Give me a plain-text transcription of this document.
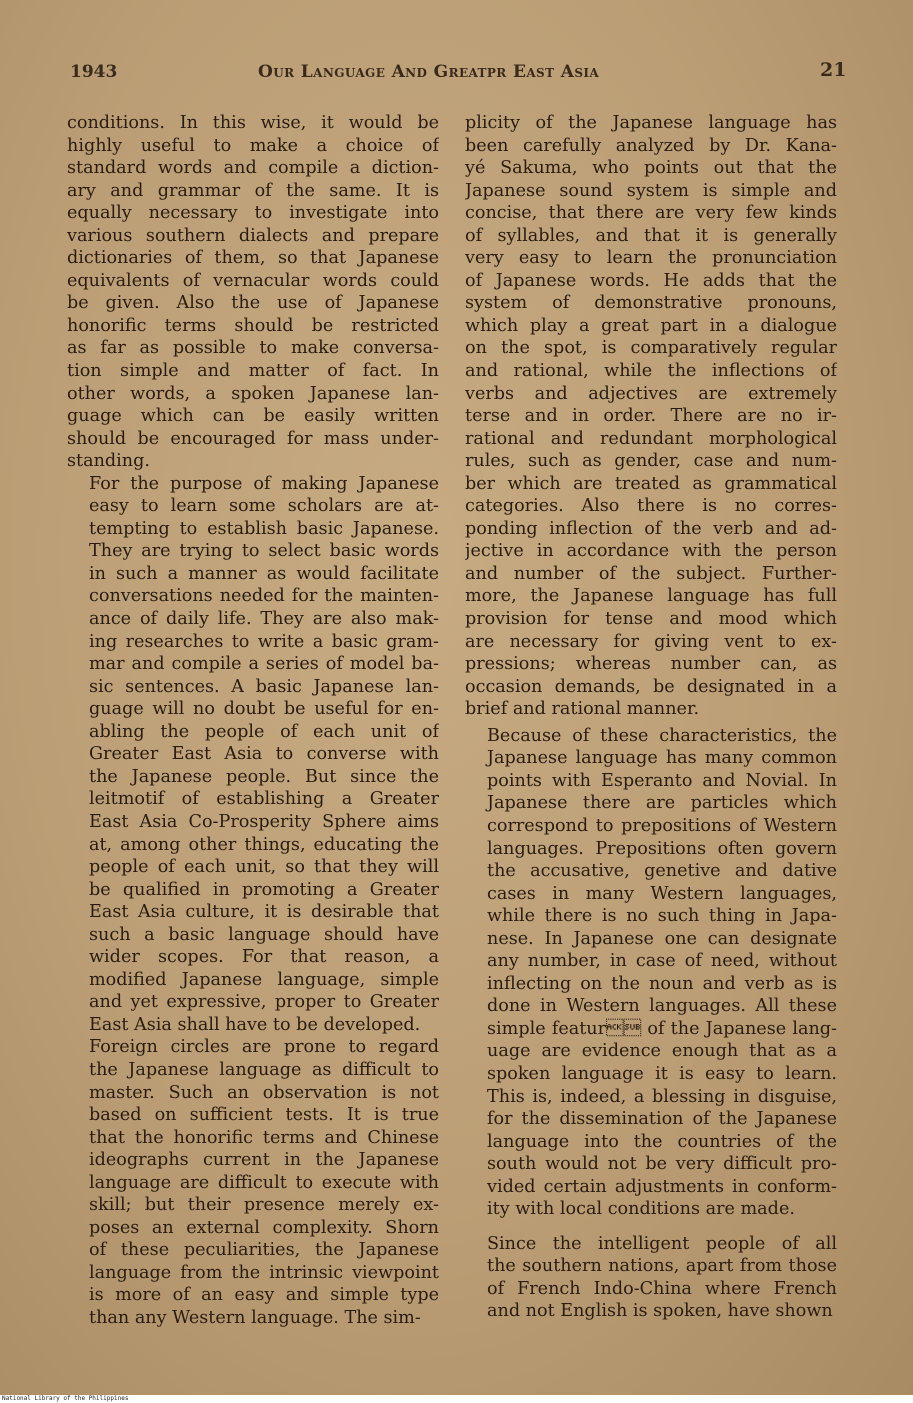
1943	Our Language And Greatpr East Asia	21

conditions. In this wise, it would be
highly useful to make a choice of
standard words and compile a diction-
ary and grammar of the same. It is
equally necessary to investigate into
various southern dialects and prepare
dictionaries of them, so that Japanese
equivalents of vernacular words could
be given. Also the use of Japanese
honorific terms should be restricted
as far as possible to make conversa-
tion simple and matter of fact. In
other words, a spoken Japanese lan-
guage which can be easily written
should be encouraged for mass under-
standing.

For the purpose of making Japanese
easy to learn some scholars are at-
tempting to establish basic Japanese.
They are trying to select basic words
in such a manner as would facilitate
conversations needed for the mainten-
ance of daily life. They are also mak-
ing researches to write a basic gram-
mar and compile a series of model ba-
sic sentences. A basic Japanese lan-
guage will no doubt be useful for en-
abling the people of each unit of
Greater East Asia to converse with
the Japanese people. But since the
leitmotif of establishing a Greater
East Asia Co-Prosperity Sphere aims
at, among other things, educating the
people of each unit, so that they will
be qualified in promoting a Greater
East Asia culture, it is desirable that
such a basic language should have
wider scopes. For that reason, a
modified Japanese language, simple
and yet expressive, proper to Greater
East Asia shall have to be developed.

Foreign circles are prone to regard
the Japanese language as difficult to
master. Such an observation is not
based on sufficient tests. It is true
that the honorific terms and Chinese
ideographs current in the Japanese
language are difficult to execute with
skill; but their presence merely ex-
poses an external complexity. Shorn
of these peculiarities, the Japanese
language from the intrinsic viewpoint
is more of an easy and simple type
than any Western language. The sim-

plicity of the Japanese language has
been carefully analyzed by Dr. Kana-
yé Sakuma, who points out that the
Japanese sound system is simple and
concise, that there are very few kinds
of syllables, and that it is generally
very easy to learn the pronunciation
of Japanese words. He adds that the
system of demonstrative pronouns,
which play a great part in a dialogue
on the spot, is comparatively regular
and rational, while the inflections of
verbs and adjectives are extremely
terse and in order. There are no ir-
rational and redundant morphological
rules, such as gender, case and num-
ber which are treated as grammatical
categories. Also there is no corres-
ponding inflection of the verb and ad-
jective in accordance with the person
and number of the subject. Further-
more, the Japanese language has full
provision for tense and mood which
are necessary for giving vent to ex-
pressions; whereas number can, as
occasion demands, be designated in a
brief and rational manner.

Because of these characteristics, the
Japanese language has many common
points with Esperanto and Novial. In
Japanese there are particles which
correspond to prepositions of Western
languages. Prepositions often govern
the accusative, genetive and dative
cases in many Western languages,
while there is no such thing in Japa-
nese. In Japanese one can designate
any number, in case of need, without
inflecting on the noun and verb as is
done in Western languages. All these
simple featur of the Japanese lang-
uage are evidence enough that as a
spoken language it is easy to learn.
This is, indeed, a blessing in disguise,
for the dissemination of the Japanese
language into the countries of the
south would not be very difficult pro-
vided certain adjustments in conform-
ity with local conditions are made.

Since the intelligent people of all
the southern nations, apart from those
of French Indo-China where French
and not English is spoken, have shown

National Library of the Philippines
